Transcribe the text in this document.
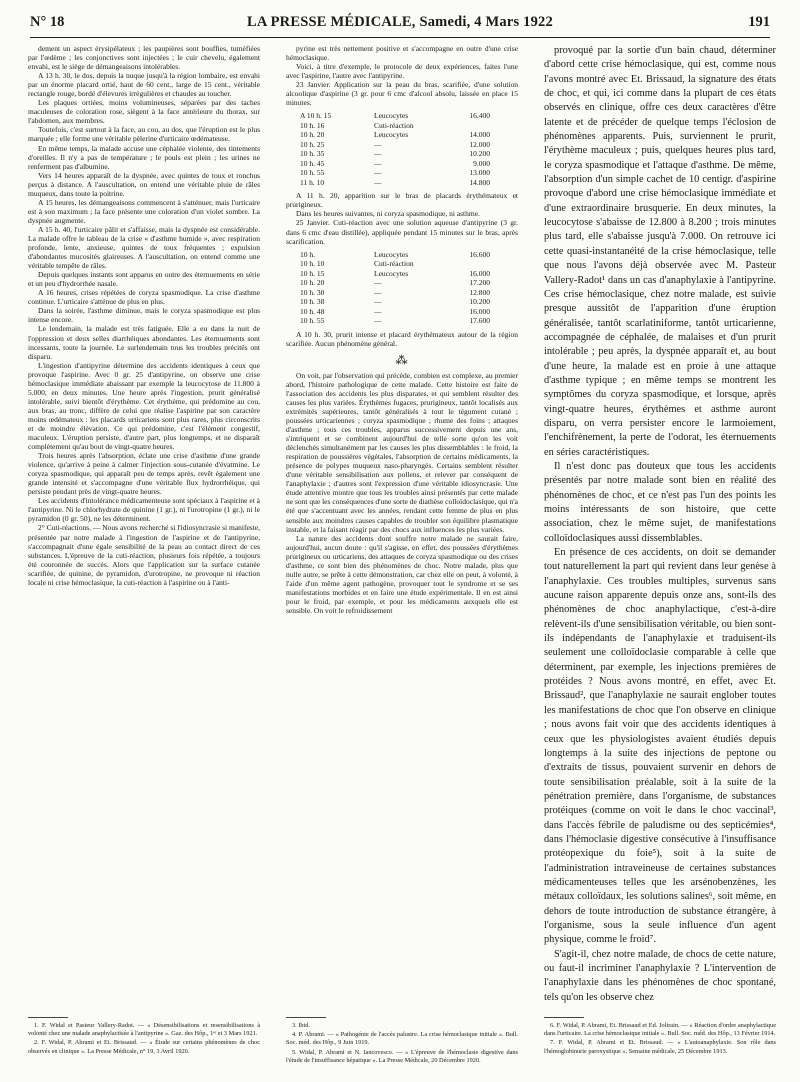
N° 18	LA PRESSE MÉDICALE, Samedi, 4 Mars 1922	191

dement un aspect érysipélateux ; les paupières sont bouffies, tuméfiées par l'œdème ; les conjonctives sont injectées ; le cuir chevelu, également envahi, est le siège de démangeaisons intolérables.

A 13 h. 30, le dos, depuis la nuque jusqu'à la région lombaire, est envahi par un énorme placard ortié, haut de 60 cent., large de 15 cent., véritable rectangle rouge, bordé d'élevures irrégulières et chaudes au toucher.

Les plaques ortiées, moins volumineuses, séparées par des taches maculeuses de coloration rose, siègent à la face antérieure du thorax, sur l'abdomen, aux membres.

Toutefois, c'est surtout à la face, au cou, au dos, que l'éruption est le plus marquée ; elle forme une véritable pèlerine d'urticaire œdémateuse.

En même temps, la malade accuse une céphalée violente, des tintements d'oreilles. Il n'y a pas de température ; le pouls est plein ; les urines ne renferment pas d'albumine.

Vers 14 heures apparaît de la dyspnée, avec quintes de toux et ronchus perçus à distance. A l'auscultation, on entend une véritable pluie de râles muqueux, dans toute la poitrine.

A 15 heures, les démangeaisons commencent à s'atténuer, mais l'urticaire est à son maximum ; la face présente une coloration d'un violet sombre. La dyspnée augmente.

A 15 h. 40, l'urticaire pâlit et s'affaisse, mais la dyspnée est considérable. La malade offre le tableau de la crise « d'asthme humide », avec respiration profonde, lente, anxieuse, quintes de toux fréquentes ; expulsion d'abondantes mucosités glaireuses. A l'auscultation, on entend comme une véritable tempête de râles.

Depuis quelques instants sont apparus en outre des éternuements en série et un peu d'hydrorrhée nasale.

A 16 heures, crises répétées de coryza spasmodique. La crise d'asthme continue. L'urticaire s'atténue de plus en plus.

Dans la soirée, l'asthme diminue, mais le coryza spasmodique est plus intense encore.

Le lendemain, la malade est très fatiguée. Elle a eu dans la nuit de l'oppression et deux selles diarrhéiques abondantes. Les éternuements sont incessants, toute la journée. Le surlendemain tous les troubles précités ont disparu.

L'ingestion d'antipyrine détermine des accidents identiques à ceux que provoque l'aspirine. Avec 0 gr. 25 d'antipyrine, on observe une crise hémoclasique immédiate abaissant par exemple la leucocytose de 11.800 à 5.000, en deux minutes. Une heure après l'ingestion, prurit généralisé intolérable, suivi bientôt d'érythème. Cet érythème, qui prédomine au cou, aux bras, au tronc, diffère de celui que réalise l'aspirine par son caractère moins œdémateux : les placards urticariens sont plus rares, plus circonscrits et de moindre élévation. Ce qui prédomine, c'est l'élément congestif, maculeux. L'éruption persiste, d'autre part, plus longtemps, et ne disparaît complètement qu'au bout de vingt-quatre heures.

Trois heures après l'absorption, éclate une crise d'asthme d'une grande violence, qu'arrive à peine à calmer l'injection sous-cutanée d'évatmine. Le coryza spasmodique, qui apparaît peu de temps après, revêt également une grande intensité et s'accompagne d'une véritable flux hydrorrhéique, qui persiste pendant près de vingt-quatre heures.

Les accidents d'intolérance médicamenteuse sont spéciaux à l'aspirine et à l'antipyrine. Ni le chlorhydrate de quinine (1 gr.), ni l'urotropine (1 gr.), ni le pyramidon (0 gr. 50), ne les déterminent.

2° Cuti-réactions. — Nous avons recherché si l'idiosyncrasie si manifeste, présentée par notre malade à l'ingestion de l'aspirine et de l'antipyrine, s'accompagnait d'une égale sensibilité de la peau au contact direct de ces substances. L'épreuve de la cuti-réaction, plusieurs fois répétée, a toujours été couronnée de succès. Alors que l'application sur la surface cutanée scarifiée, de quinine, de pyramidon, d'urotropine, ne provoque ni réaction locale ni crise hémoclasique, la cuti-réaction à l'aspirine ou à l'anti-

pyrine est très nettement positive et s'accompagne en outre d'une crise hémoclasique.

Voici, à titre d'exemple, le protocole de deux expériences, faites l'une avec l'aspirine, l'autre avec l'antipyrine.

23 Janvier. Application sur la peau du bras, scarifiée, d'une solution alcoolique d'aspirine (3 gr. pour 6 cmc d'alcool absolu, laissée en place 15 minutes.

A 10 h. 15	Leucocytes	16.400
10 h. 16	Cuti-réaction	
10 h. 20	Leucocytes	14.000
10 h. 25	—	12.000
10 h. 35	—	10.200
10 h. 45	—	9.000
10 h. 55	—	13.000
11 h. 10	—	14.800

A 11 h. 20, apparition sur le bras de placards érythémateux et prurigineux.

Dans les heures suivantes, ni coryza spasmodique, ni asthme.

25 Janvier. Cuti-réaction avec une solution aqueuse d'antipyrine (3 gr. dans 6 cmc d'eau distillée), appliquée pendant 15 minutes sur le bras, après scarification.

10 h.	Leucocytes	16.600
10 h. 10	Cuti-réaction	
10 h. 15	Leucocytes	16.000
10 h. 20	—	17.200
10 h. 30	—	12.800
10 h. 38	—	10.200
10 h. 48	—	16.000
10 h. 55	—	17.600

A 10 h. 30, prurit intense et placard érythémateux autour de la région scarifiée. Aucun phénomène général.

⁂

On voit, par l'observation qui précède, combien est complexe, au premier abord, l'histoire pathologique de cette malade. Cette histoire est faite de l'association des accidents les plus disparates, et qui semblent résulter des causes les plus variées. Érythèmes fugaces, prurigineux, tantôt localisés aux extrémités supérieures, tantôt généralisés à tout le tégument cutané ; poussées urticariennes ; coryza spasmodique ; rhume des foins ; attaques d'asthme ; tous ces troubles, apparus successivement depuis une ans, s'intriquent et se combinent aujourd'hui de telle sorte qu'on les voit déclenchés simultanément par les causes les plus dissemblables : le froid, la respiration de poussières végétales, l'absorption de certains médicaments, la présence de polypes muqueux naso-pharyngés. Certains semblent résulter d'une véritable sensibilisation aux pollens, et relever par conséquent de l'anaphylaxie ; d'autres sont l'expression d'une véritable idiosyncrasie. Une étude attentive montre que tous les troubles ainsi présentés par cette malade ne sont que les conséquences d'une sorte de diathèse colloïdoclasique, qui n'a été que s'accentuant avec les années, rendant cette femme de plus en plus sensible aux moindres causes capables de troubler son équilibre plasmatique instable, et la faisant réagir par des chocs aux influences les plus variées.

La nature des accidents dont souffre notre malade ne saurait faire, aujourd'hui, aucun doute : qu'il s'agisse, en effet, des poussées d'érythèmes prurigineux ou urticariens, des attaques de coryza spasmodique ou des crises d'asthme, ce sont bien des phénomènes de choc. Notre malade, plus que nulle autre, se prête à cette démonstration, car chez elle on peut, à volonté, à l'aide d'un même agent pathogène, provoquer tout le syndrome et se ses manifestations morbides et en faire une étude expérimentale. Il en est ainsi pour le froid, par exemple, et pour les médicaments auxquels elle est sensible. On voit le refroidissement

provoqué par la sortie d'un bain chaud, déterminer d'abord cette crise hémoclasique, qui est, comme nous l'avons montré avec Et. Brissaud, la signature des états de choc, et qui, ici comme dans la plupart de ces états observés en clinique, offre ces deux caractères d'être latente et de précéder de quelque temps l'éclosion de phénomènes apparents. Puis, surviennent le prurit, l'érythème maculeux ; puis, quelques heures plus tard, le coryza spasmodique et l'attaque d'asthme. De même, l'absorption d'un simple cachet de 10 centigr. d'aspirine provoque d'abord une crise hémoclasique immédiate et d'une extraordinaire brusquerie. En deux minutes, la leucocytose s'abaisse de 12.800 à 8.200 ; trois minutes plus tard, elle s'abaisse jusqu'à 7.000. On retrouve ici cette quasi-instantanéité de la crise hémoclasique, telle que nous l'avons déjà observée avec M. Pasteur Vallery-Radot¹ dans un cas d'anaphylaxie à l'antipyrine. Ces crise hémoclasique, chez notre malade, est suivie presque aussitôt de l'apparition d'une éruption généralisée, tantôt scarlatiniforme, tantôt urticarienne, accompagnée de céphalée, de malaises et d'un prurit intolérable ; peu après, la dyspnée apparaît et, au bout d'une heure, la malade est en proie à une attaque d'asthme typique ; en même temps se montrent les symptômes du coryza spasmodique, et lorsque, après vingt-quatre heures, érythèmes et asthme auront disparu, on verra persister encore le larmoiement, l'enchifrènement, la perte de l'odorat, les éternuements en séries caractéristiques.

Il n'est donc pas douteux que tous les accidents présentés par notre malade sont bien en réalité des phénomènes de choc, et ce n'est pas l'un des points les moins intéressants de son histoire, que cette association, chez le même sujet, de manifestations colloïdoclasiques aussi dissemblables.

En présence de ces accidents, on doit se demander tout naturellement la part qui revient dans leur genèse à l'anaphylaxie. Ces troubles multiples, survenus sans aucune raison apparente depuis onze ans, sont-ils des phénomènes de choc anaphylactique, c'est-à-dire relèvent-ils d'une sensibilisation véritable, ou bien sont-ils indépendants de l'anaphylaxie et traduisent-ils seulement une colloïdoclasie comparable à celle que déterminent, par exemple, les injections premières de protéides ? Nous avons montré, en effet, avec Et. Brissaud², que l'anaphylaxie ne saurait englober toutes les manifestations de choc que l'on observe en clinique ; nous avons fait voir que des accidents identiques à ceux que les physiologistes avaient étudiés depuis longtemps à la suite des injections de peptone ou d'extraits de tissus, pouvaient survenir en dehors de toute sensibilisation préalable, soit à la suite de la pénétration première, dans l'organisme, de substances protéiques (comme on voit le dans le choc vaccinal³, dans l'accès fébrile de paludisme ou des septicémies⁴, dans l'hémoclasie digestive consécutive à l'insuffisance protéopexique du foie⁵), soit à la suite de l'administration intraveineuse de certaines substances médicamenteuses telles que les arsénobenzènes, les métaux colloïdaux, les solutions salines⁶, soit même, en dehors de toute introduction de substance étrangère, à l'organisme, sous la seule influence d'un agent physique, comme le froid⁷.

S'agit-il, chez notre malade, de chocs de cette nature, ou faut-il incriminer l'anaphylaxie ? L'intervention de l'anaphylaxie dans les phénomènes de choc spontané, tels qu'on les observe chez

1. F. Widal et Pasteur Vallery-Radot. — « Désensibilisations et resensibilisations à volonté chez une malade anaphylactisée à l'antipyrine ». Gaz. des Hôp., 1ᵉʳ et 3 Mars 1921.

2. F. Widal, P. Abrami et Et. Brissaud. — « Étude sur certains phénomènes de choc observés en clinique ». La Presse Médicale, n° 19, 3 Avril 1920.

3. Ibid.

4. P. Abrami. — « Pathogénie de l'accès palustre. La crise hémoclasique initiale ». Bull. Soc. méd. des Hôp., 9 Juin 1919.

5. Widal, P. Abrami et N. Iancovesco. — « L'épreuve de l'hémoclasie digestive dans l'étude de l'insuffisance hépatique ». La Presse Médicale, 20 Décembre 1920.

6. F. Widal, P. Abrami, Et. Brissaud et Ed. Joltrain. — « Réaction d'ordre anaphylactique dans l'urticaire. La crise hémoclasique initiale ». Bull. Soc. méd. des Hôp., 13 Février 1914.

7. F. Widal, P. Abrami et Et. Brissaud. — « L'autoanaphylaxie. Son rôle dans l'hémoglobinurie paroxystique ». Semaine médicale, 25 Décembre 1913.
